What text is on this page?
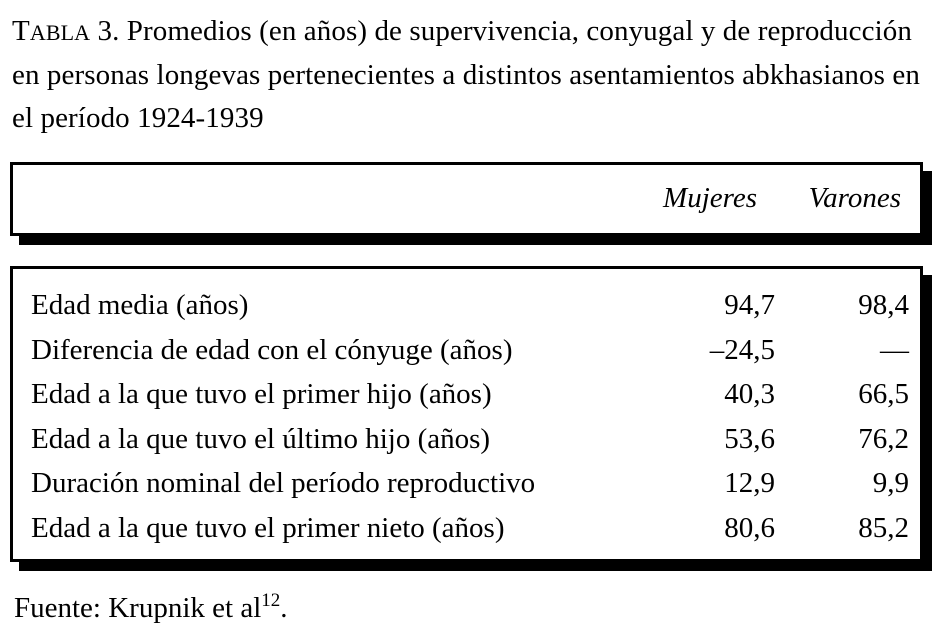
TABLA 3. Promedios (en años) de supervivencia, conyugal y de reproducción en personas longevas pertenecientes a distintos asentamientos abkhasianos en el período 1924-1939
Mujeres Varones
Edad media (años)	94,7	98,4
Diferencia de edad con el cónyuge (años)	–24,5	—
Edad a la que tuvo el primer hijo (años)	40,3	66,5
Edad a la que tuvo el último hijo (años)	53,6	76,2
Duración nominal del período reproductivo	12,9	9,9
Edad a la que tuvo el primer nieto (años)	80,6	85,2
Fuente: Krupnik et $al^{12}$.
